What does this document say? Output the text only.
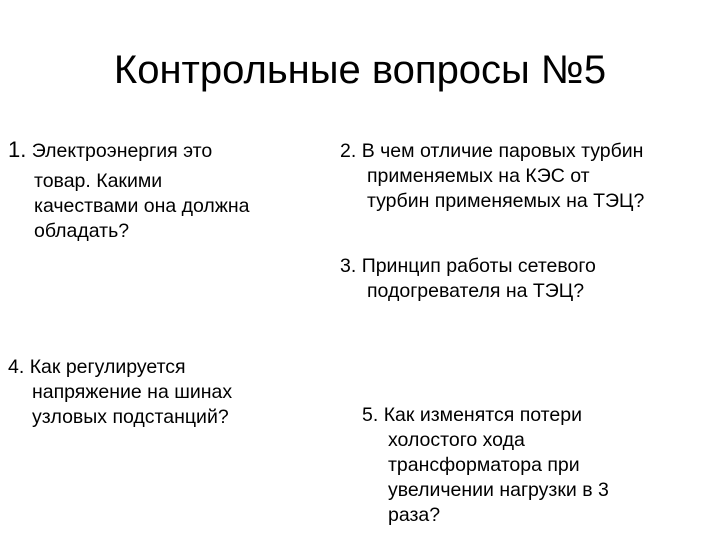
Контрольные вопросы №5
1. Электроэнергия это
товар. Какими
качествами она должна
обладать?
2. В чем отличие паровых турбин
применяемых на КЭС от
турбин применяемых на ТЭЦ?
3. Принцип работы сетевого
подогревателя на ТЭЦ?
4. Как регулируется
напряжение на шинах
узловых подстанций?	5. Как изменятся потери
холостого хода
трансформатора при
увеличении нагрузки в 3
раза?
